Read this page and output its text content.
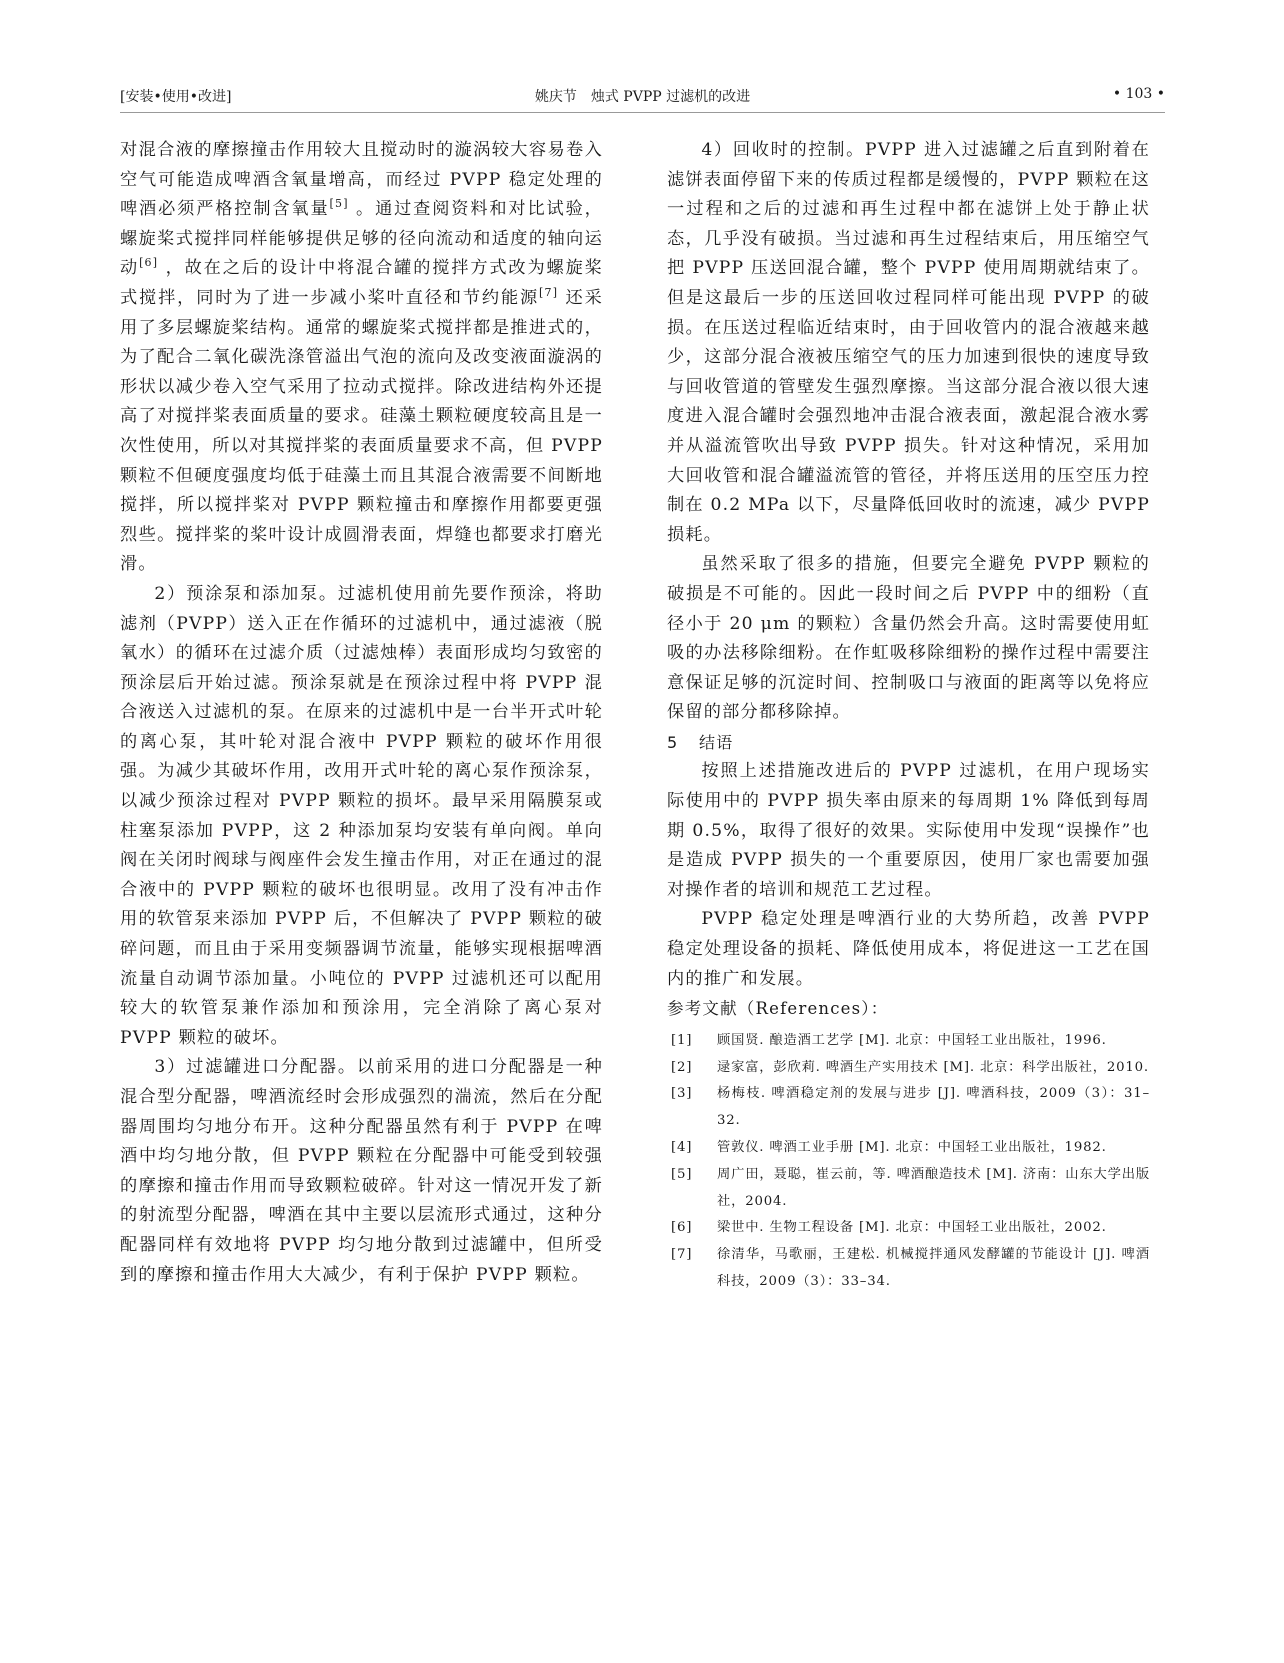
[安装•使用•改进]	姚庆节　烛式 PVPP 过滤机的改进	• 103 •

对混合液的摩擦撞击作用较大且搅动时的漩涡较大容易卷入空气可能造成啤酒含氧量增高，而经过 PVPP 稳定处理的啤酒必须严格控制含氧量[5] 。通过查阅资料和对比试验，螺旋桨式搅拌同样能够提供足够的径向流动和适度的轴向运动[6] ，故在之后的设计中将混合罐的搅拌方式改为螺旋桨式搅拌，同时为了进一步减小桨叶直径和节约能源[7] 还采用了多层螺旋桨结构。通常的螺旋桨式搅拌都是推进式的，为了配合二氧化碳洗涤管溢出气泡的流向及改变液面漩涡的形状以减少卷入空气采用了拉动式搅拌。除改进结构外还提高了对搅拌桨表面质量的要求。硅藻土颗粒硬度较高且是一次性使用，所以对其搅拌桨的表面质量要求不高，但 PVPP 颗粒不但硬度强度均低于硅藻土而且其混合液需要不间断地搅拌，所以搅拌桨对 PVPP 颗粒撞击和摩擦作用都要更强烈些。搅拌桨的桨叶设计成圆滑表面，焊缝也都要求打磨光滑。

2）预涂泵和添加泵。过滤机使用前先要作预涂，将助滤剂（PVPP）送入正在作循环的过滤机中，通过滤液（脱氧水）的循环在过滤介质（过滤烛棒）表面形成均匀致密的预涂层后开始过滤。预涂泵就是在预涂过程中将 PVPP 混合液送入过滤机的泵。在原来的过滤机中是一台半开式叶轮的离心泵，其叶轮对混合液中 PVPP 颗粒的破坏作用很强。为减少其破坏作用，改用开式叶轮的离心泵作预涂泵，以减少预涂过程对 PVPP 颗粒的损坏。最早采用隔膜泵或柱塞泵添加 PVPP，这 2 种添加泵均安装有单向阀。单向阀在关闭时阀球与阀座件会发生撞击作用，对正在通过的混合液中的 PVPP 颗粒的破坏也很明显。改用了没有冲击作用的软管泵来添加 PVPP 后，不但解决了 PVPP 颗粒的破碎问题，而且由于采用变频器调节流量，能够实现根据啤酒流量自动调节添加量。小吨位的 PVPP 过滤机还可以配用较大的软管泵兼作添加和预涂用，完全消除了离心泵对 PVPP 颗粒的破坏。

3）过滤罐进口分配器。以前采用的进口分配器是一种混合型分配器，啤酒流经时会形成强烈的湍流，然后在分配器周围均匀地分布开。这种分配器虽然有利于 PVPP 在啤酒中均匀地分散，但 PVPP 颗粒在分配器中可能受到较强的摩擦和撞击作用而导致颗粒破碎。针对这一情况开发了新的射流型分配器，啤酒在其中主要以层流形式通过，这种分配器同样有效地将 PVPP 均匀地分散到过滤罐中，但所受到的摩擦和撞击作用大大减少，有利于保护 PVPP 颗粒。

4）回收时的控制。PVPP 进入过滤罐之后直到附着在滤饼表面停留下来的传质过程都是缓慢的，PVPP 颗粒在这一过程和之后的过滤和再生过程中都在滤饼上处于静止状态，几乎没有破损。当过滤和再生过程结束后，用压缩空气把 PVPP 压送回混合罐，整个 PVPP 使用周期就结束了。但是这最后一步的压送回收过程同样可能出现 PVPP 的破损。在压送过程临近结束时，由于回收管内的混合液越来越少，这部分混合液被压缩空气的压力加速到很快的速度导致与回收管道的管壁发生强烈摩擦。当这部分混合液以很大速度进入混合罐时会强烈地冲击混合液表面，激起混合液水雾并从溢流管吹出导致 PVPP 损失。针对这种情况，采用加大回收管和混合罐溢流管的管径，并将压送用的压空压力控制在 0.2 MPa 以下，尽量降低回收时的流速，减少 PVPP 损耗。

虽然采取了很多的措施，但要完全避免 PVPP 颗粒的破损是不可能的。因此一段时间之后 PVPP 中的细粉（直径小于 20 μm 的颗粒）含量仍然会升高。这时需要使用虹吸的办法移除细粉。在作虹吸移除细粉的操作过程中需要注意保证足够的沉淀时间、控制吸口与液面的距离等以免将应保留的部分都移除掉。

5 结语

按照上述措施改进后的 PVPP 过滤机，在用户现场实际使用中的 PVPP 损失率由原来的每周期 1% 降低到每周期 0.5%，取得了很好的效果。实际使用中发现“误操作”也是造成 PVPP 损失的一个重要原因，使用厂家也需要加强对操作者的培训和规范工艺过程。

PVPP 稳定处理是啤酒行业的大势所趋，改善 PVPP 稳定处理设备的损耗、降低使用成本，将促进这一工艺在国内的推广和发展。

参考文献（References）：

[1] 顾国贤. 酿造酒工艺学 [M]. 北京：中国轻工业出版社，1996.
[2] 逯家富，彭欣莉. 啤酒生产实用技术 [M]. 北京：科学出版社，2010.
[3] 杨梅枝. 啤酒稳定剂的发展与进步 [J]. 啤酒科技，2009（3）：31–32.
[4] 管敦仪. 啤酒工业手册 [M]. 北京：中国轻工业出版社，1982.
[5] 周广田，聂聪，崔云前，等. 啤酒酿造技术 [M]. 济南：山东大学出版社，2004.
[6] 梁世中. 生物工程设备 [M]. 北京：中国轻工业出版社，2002.
[7] 徐清华，马歌丽，王建松. 机械搅拌通风发酵罐的节能设计 [J]. 啤酒科技，2009（3）：33–34.
